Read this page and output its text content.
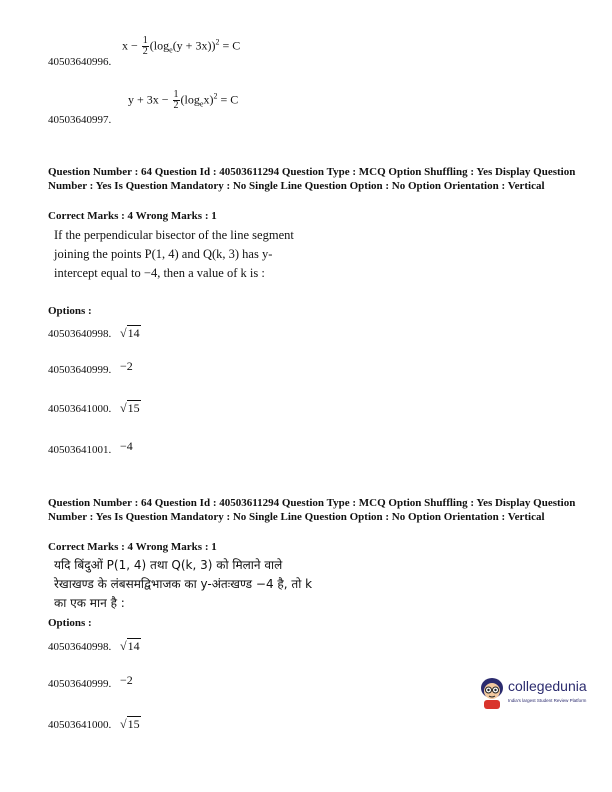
$x - \frac{1}{2} (\log_e(y + 3x))^2 = C$
40503640996.
$y + 3x - \frac{1}{2} (\log_ex)^2 = C$
40503640997.
Question Number : 64 Question Id : 40503611294 Question Type : MCQ Option Shuffling : Yes Display Question Number : Yes Is Question Mandatory : No Single Line Question Option : No Option Orientation : Vertical
Correct Marks : 4 Wrong Marks : 1
If the perpendicular bisector of the line segment joining the points P(1, 4) and Q(k, 3) has y-intercept equal to −4, then a value of k is :
Options :
40503640998. √14
40503640999. −2
40503641000. √15
40503641001. −4
Question Number : 64 Question Id : 40503611294 Question Type : MCQ Option Shuffling : Yes Display Question Number : Yes Is Question Mandatory : No Single Line Question Option : No Option Orientation : Vertical
Correct Marks : 4 Wrong Marks : 1
यदि बिंदुओं P(1, 4) तथा Q(k, 3) को मिलाने वाले रेखाखण्ड के लंबसमद्विभाजक का y-अंतःखण्ड −4 है, तो k का एक मान है :
Options :
40503640998. √14
40503640999. −2
40503641000. √15
collegedunia
India's largest Student Review Platform
